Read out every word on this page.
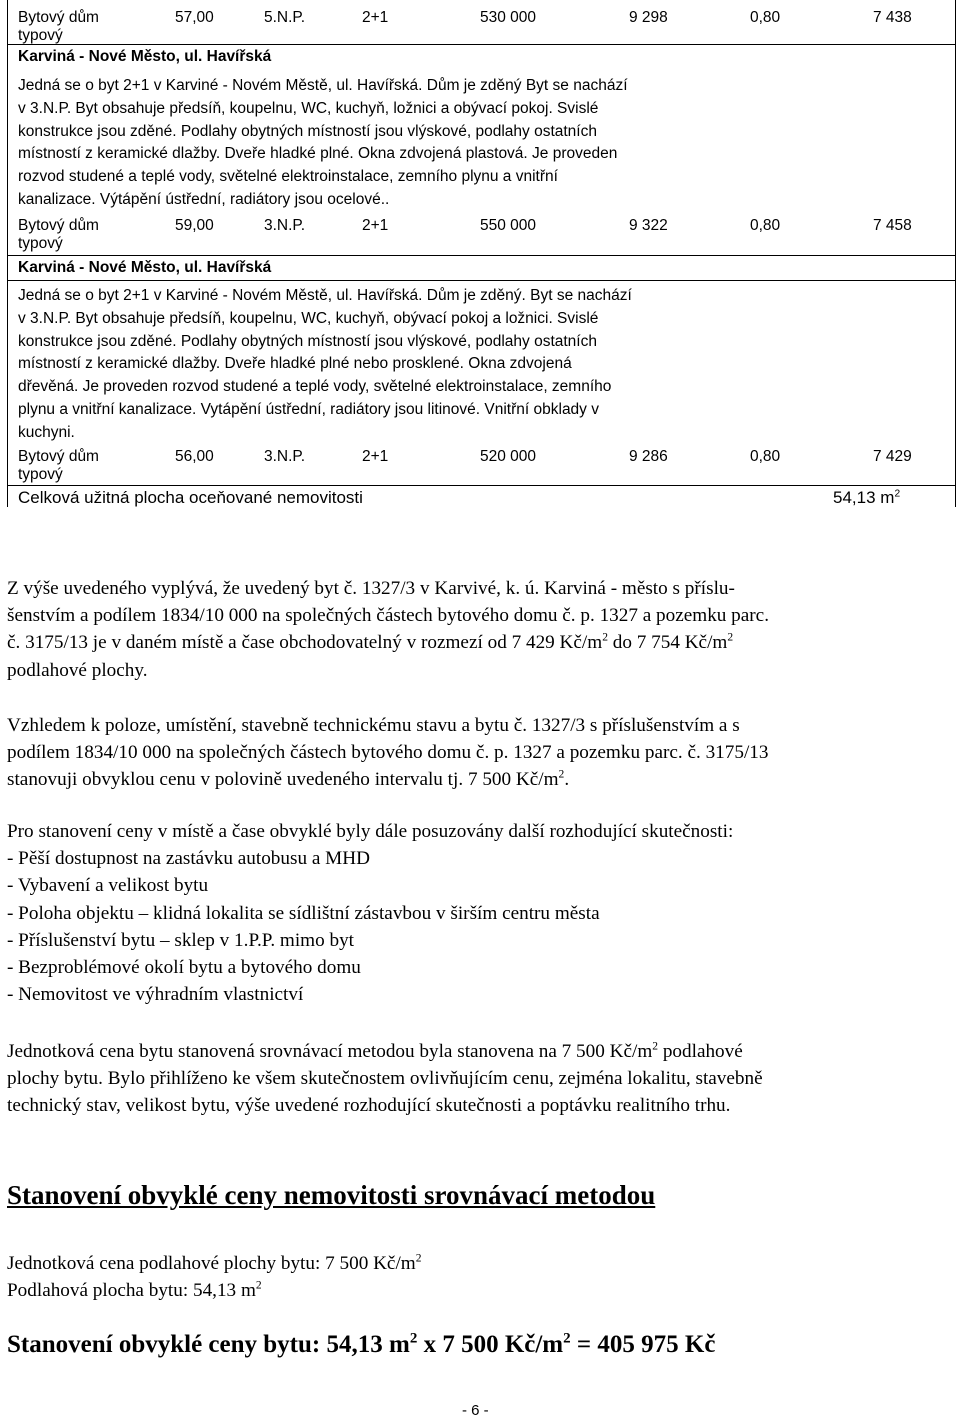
Bytový dům	57,00	5.N.P.	2+1	530 000	9 298	0,80	7 438
typový
Karviná - Nové Město, ul. Havířská
Jedná se o byt 2+1 v Karviné - Novém Městě, ul. Havířská. Dům je zděný Byt se nachází
v 3.N.P. Byt obsahuje předsíň, koupelnu, WC, kuchyň, ložnici a obývací pokoj. Svislé
konstrukce jsou zděné. Podlahy obytných místností jsou vlýskové, podlahy ostatních
místností z keramické dlažby. Dveře hladké plné. Okna zdvojená plastová. Je proveden
rozvod studené a teplé vody, světelné elektroinstalace, zemního plynu a vnitřní
kanalizace. Výtápění ústřední, radiátory jsou ocelové..
Bytový dům	59,00	3.N.P.	2+1	550 000	9 322	0,80	7 458
typový
Karviná - Nové Město, ul. Havířská
Jedná se o byt 2+1 v Karviné - Novém Městě, ul. Havířská. Dům je zděný. Byt se nachází
v 3.N.P. Byt obsahuje předsíň, koupelnu, WC, kuchyň, obývací pokoj a ložnici. Svislé
konstrukce jsou zděné. Podlahy obytných místností jsou vlýskové, podlahy ostatních
místností z keramické dlažby. Dveře hladké plné nebo prosklené. Okna zdvojená
dřevěná. Je proveden rozvod studené a teplé vody, světelné elektroinstalace, zemního
plynu a vnitřní kanalizace. Vytápění ústřední, radiátory jsou litinové. Vnitřní obklady v
kuchyni.
Bytový dům	56,00	3.N.P.	2+1	520 000	9 286	0,80	7 429
typový
Celková užitná plocha oceňované nemovitosti	54,13 $m^2$
Z výše uvedeného vyplývá, že uvedený byt č. 1327/3 v Karvivé, k. ú. Karviná - město s příslu-
šenstvím a podílem 1834/10 000 na společných částech bytového domu č. p. 1327 a pozemku parc.
č. 3175/13 je v daném místě a čase obchodovatelný v rozmezí od 7 429 $Kč/m^2$ do 7 754 $Kč/m^2$
podlahové plochy.
Vzhledem k poloze, umístění, stavebně technickému stavu a bytu č. 1327/3 s příslušenstvím a s
podílem 1834/10 000 na společných částech bytového domu č. p. 1327 a pozemku parc. č. 3175/13
stanovuji obvyklou cenu v polovině uvedeného intervalu tj. 7 500 $Kč/m^2$.
Pro stanovení ceny v místě a čase obvyklé byly dále posuzovány další rozhodující skutečnosti:
- Pěší dostupnost na zastávku autobusu a MHD
- Vybavení a velikost bytu
- Poloha objektu – klidná lokalita se sídlištní zástavbou v širším centru města
- Příslušenství bytu – sklep v 1.P.P. mimo byt
- Bezproblémové okolí bytu a bytového domu
- Nemovitost ve výhradním vlastnictví
Jednotková cena bytu stanovená srovnávací metodou byla stanovena na 7 500 $Kč/m^2$ podlahové
plochy bytu. Bylo přihlíženo ke všem skutečnostem ovlivňujícím cenu, zejména lokalitu, stavebně
technický stav, velikost bytu, výše uvedené rozhodující skutečnosti a poptávku realitního trhu.
Stanovení obvyklé ceny nemovitosti srovnávací metodou
Jednotková cena podlahové plochy bytu: 7 500 $Kč/m^2$
Podlahová plocha bytu: 54,13 $m^2$
Stanovení obvyklé ceny bytu: 54,13 $m^2$ x 7 500 $Kč/m^2 = 405$ 975 Kč
- 6 -
